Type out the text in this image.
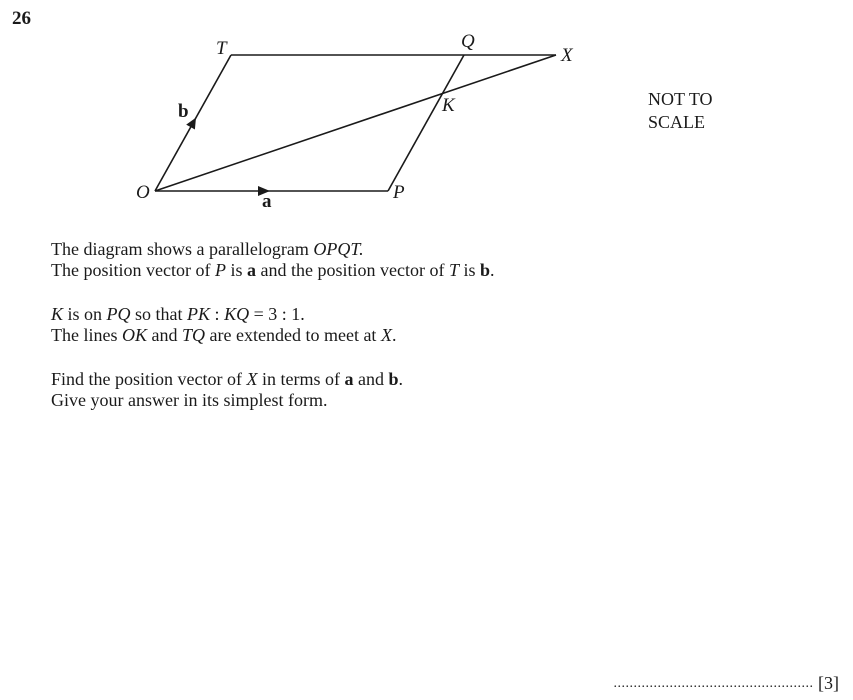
26
O	P
Q
T	X
K
a
b
NOT TO
SCALE

The diagram shows a parallelogram OPQT.

The position vector of P is a and the position vector of T is b.

K is on PQ so that PK : KQ = 3 : 1.

The lines OK and TQ are extended to meet at X.

Find the position vector of X in terms of a and b.

Give your answer in its simplest form.

.................................................. [3]
